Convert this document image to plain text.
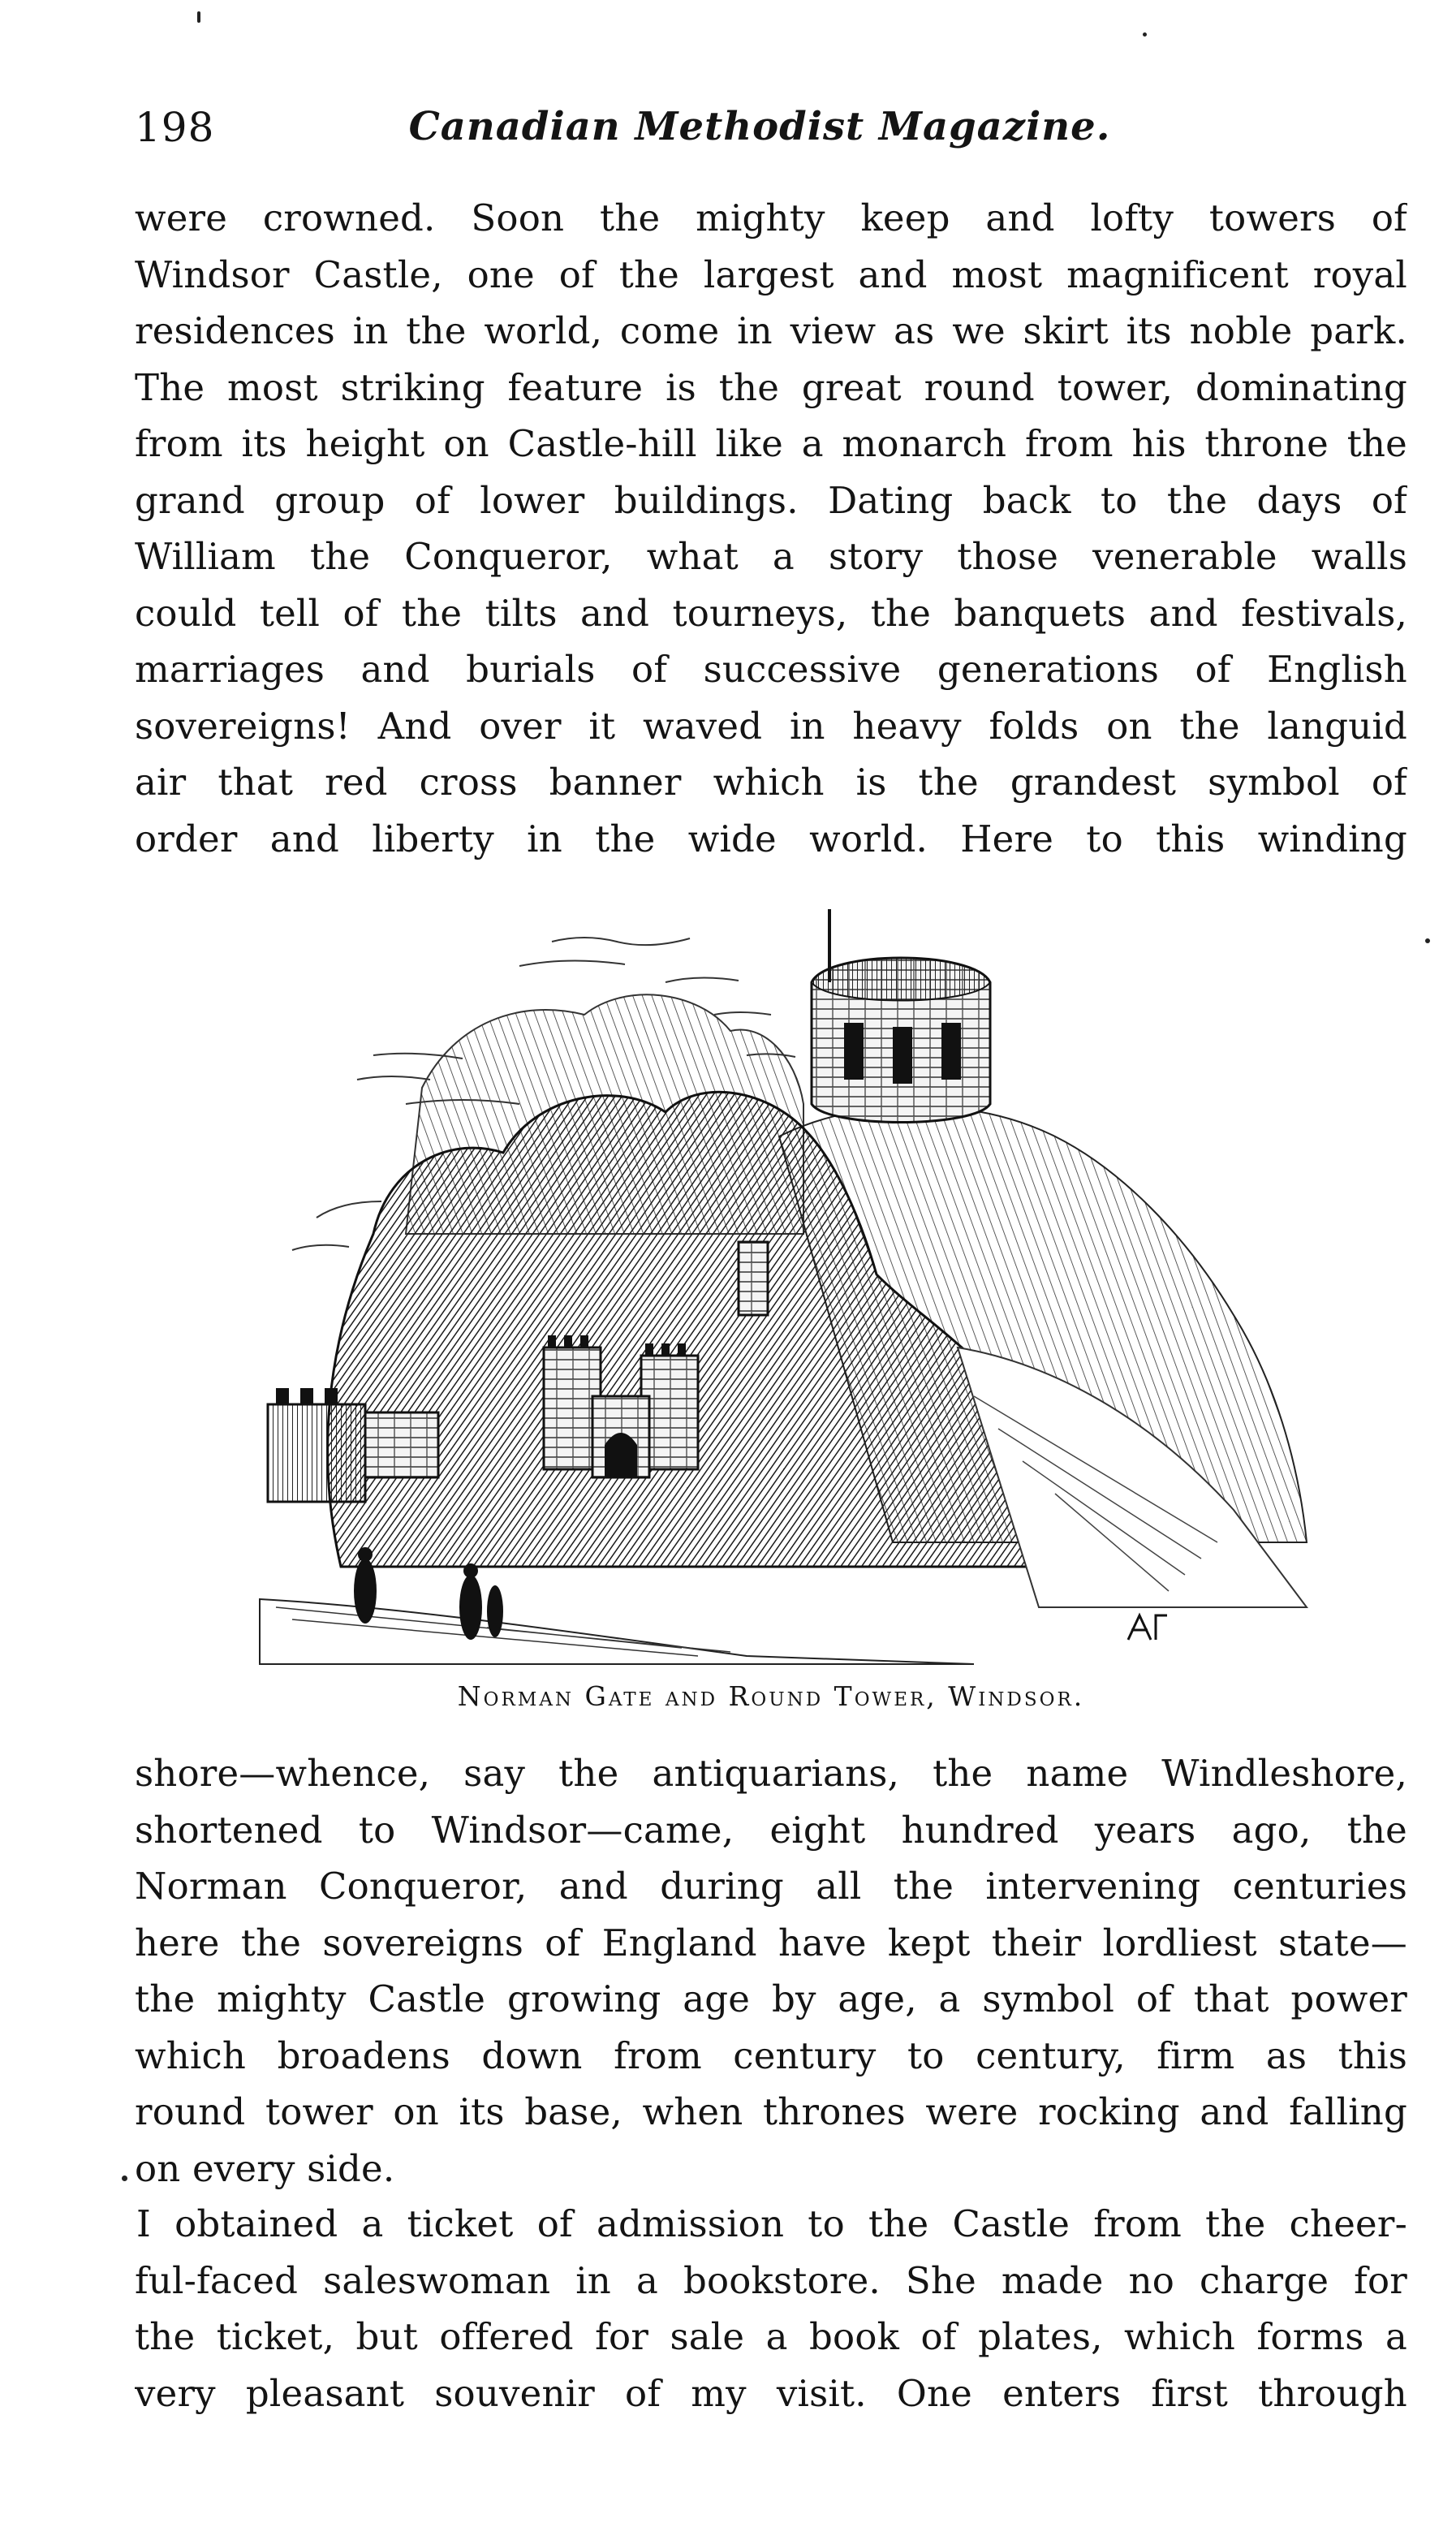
198	Canadian Methodist Magazine.

were crowned. Soon the mighty keep and lofty towers of
Windsor Castle, one of the largest and most magnificent royal
residences in the world, come in view as we skirt its noble park.
The most striking feature is the great round tower, dominating
from its height on Castle-hill like a monarch from his throne the
grand group of lower buildings. Dating back to the days of
William the Conqueror, what a story those venerable walls
could tell of the tilts and tourneys, the banquets and festivals,
marriages and burials of successive generations of English
sovereigns! And over it waved in heavy folds on the languid
air that red cross banner which is the grandest symbol of
order and liberty in the wide world. Here to this winding

Norman Gate and Round Tower, Windsor.

shore—whence, say the antiquarians, the name Windleshore,
shortened to Windsor—came, eight hundred years ago, the
Norman Conqueror, and during all the intervening centuries
here the sovereigns of England have kept their lordliest state—
the mighty Castle growing age by age, a symbol of that power
which broadens down from century to century, firm as this
round tower on its base, when thrones were rocking and falling
on every side.

I obtained a ticket of admission to the Castle from the cheer-
ful-faced saleswoman in a bookstore. She made no charge for
the ticket, but offered for sale a book of plates, which forms a
very pleasant souvenir of my visit. One enters first through
